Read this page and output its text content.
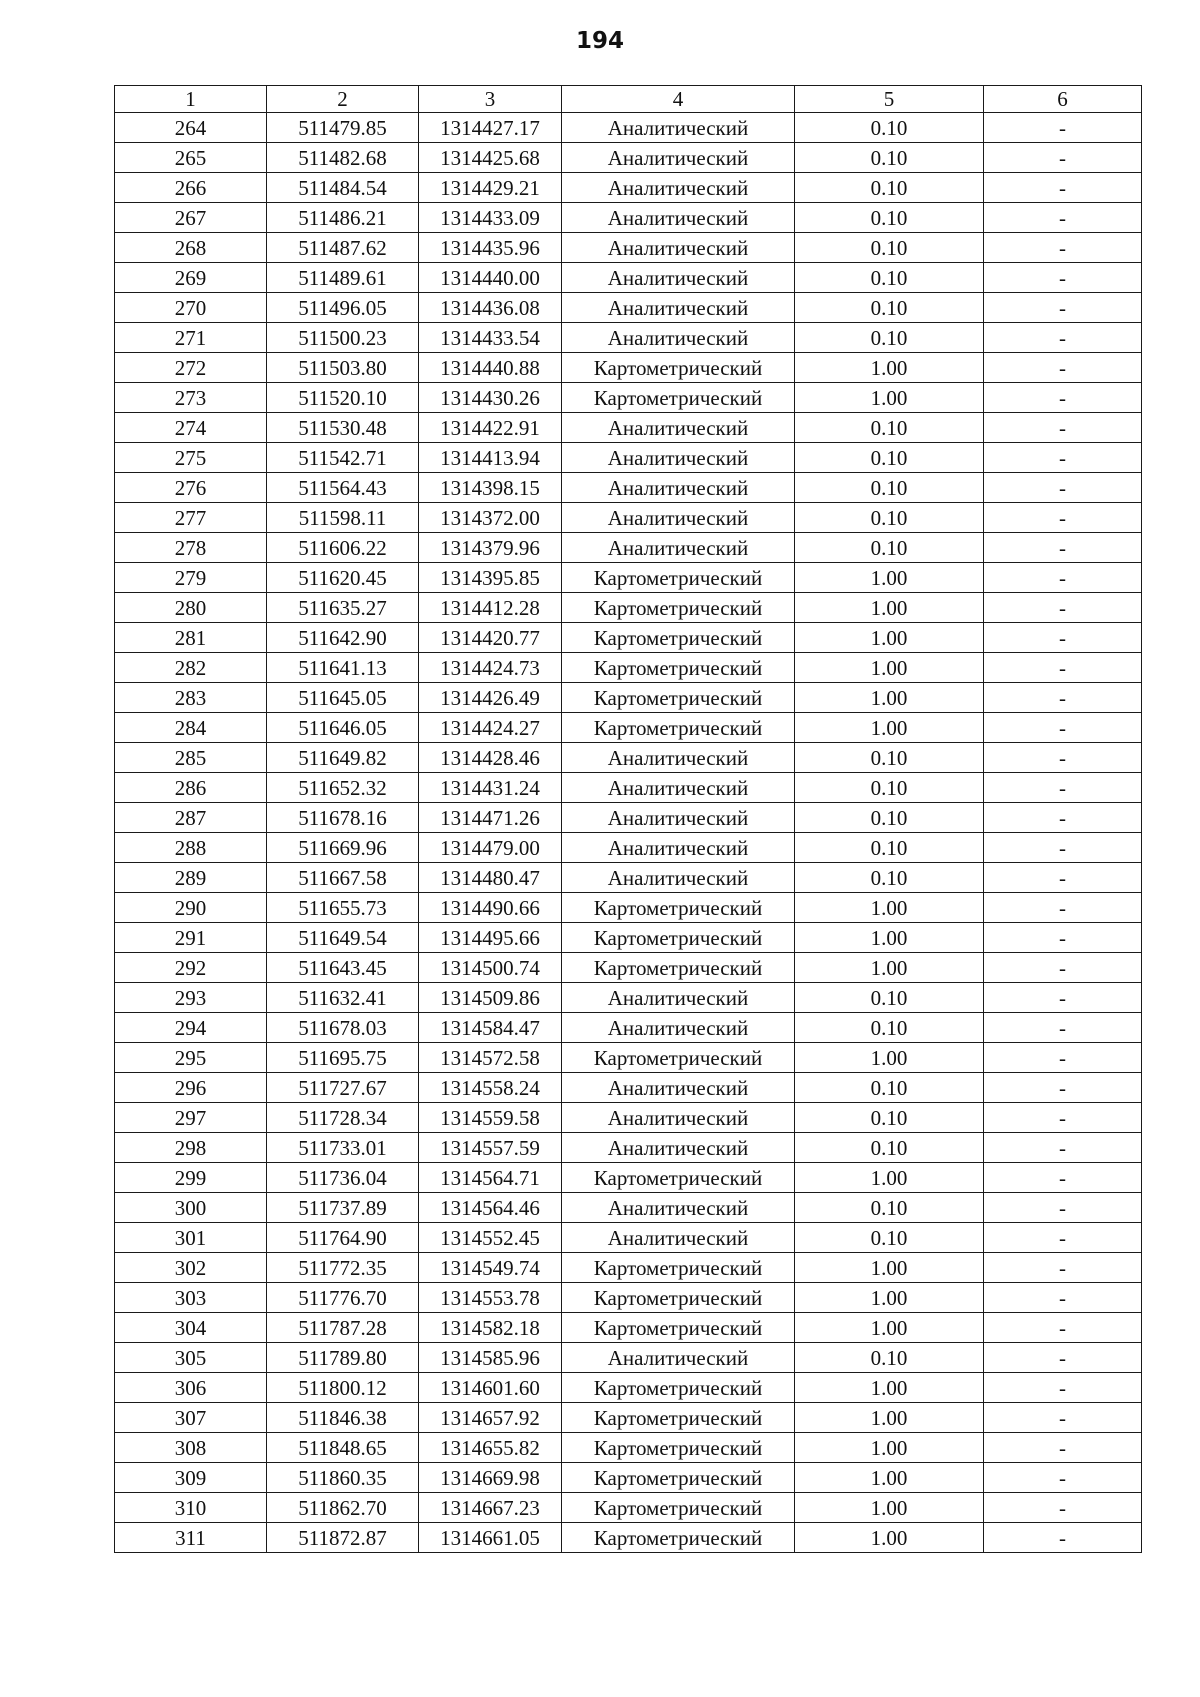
194
1	2	3	4	5	6
264	511479.85	1314427.17	Аналитический	0.10	-
265	511482.68	1314425.68	Аналитический	0.10	-
266	511484.54	1314429.21	Аналитический	0.10	-
267	511486.21	1314433.09	Аналитический	0.10	-
268	511487.62	1314435.96	Аналитический	0.10	-
269	511489.61	1314440.00	Аналитический	0.10	-
270	511496.05	1314436.08	Аналитический	0.10	-
271	511500.23	1314433.54	Аналитический	0.10	-
272	511503.80	1314440.88	Картометрический	1.00	-
273	511520.10	1314430.26	Картометрический	1.00	-
274	511530.48	1314422.91	Аналитический	0.10	-
275	511542.71	1314413.94	Аналитический	0.10	-
276	511564.43	1314398.15	Аналитический	0.10	-
277	511598.11	1314372.00	Аналитический	0.10	-
278	511606.22	1314379.96	Аналитический	0.10	-
279	511620.45	1314395.85	Картометрический	1.00	-
280	511635.27	1314412.28	Картометрический	1.00	-
281	511642.90	1314420.77	Картометрический	1.00	-
282	511641.13	1314424.73	Картометрический	1.00	-
283	511645.05	1314426.49	Картометрический	1.00	-
284	511646.05	1314424.27	Картометрический	1.00	-
285	511649.82	1314428.46	Аналитический	0.10	-
286	511652.32	1314431.24	Аналитический	0.10	-
287	511678.16	1314471.26	Аналитический	0.10	-
288	511669.96	1314479.00	Аналитический	0.10	-
289	511667.58	1314480.47	Аналитический	0.10	-
290	511655.73	1314490.66	Картометрический	1.00	-
291	511649.54	1314495.66	Картометрический	1.00	-
292	511643.45	1314500.74	Картометрический	1.00	-
293	511632.41	1314509.86	Аналитический	0.10	-
294	511678.03	1314584.47	Аналитический	0.10	-
295	511695.75	1314572.58	Картометрический	1.00	-
296	511727.67	1314558.24	Аналитический	0.10	-
297	511728.34	1314559.58	Аналитический	0.10	-
298	511733.01	1314557.59	Аналитический	0.10	-
299	511736.04	1314564.71	Картометрический	1.00	-
300	511737.89	1314564.46	Аналитический	0.10	-
301	511764.90	1314552.45	Аналитический	0.10	-
302	511772.35	1314549.74	Картометрический	1.00	-
303	511776.70	1314553.78	Картометрический	1.00	-
304	511787.28	1314582.18	Картометрический	1.00	-
305	511789.80	1314585.96	Аналитический	0.10	-
306	511800.12	1314601.60	Картометрический	1.00	-
307	511846.38	1314657.92	Картометрический	1.00	-
308	511848.65	1314655.82	Картометрический	1.00	-
309	511860.35	1314669.98	Картометрический	1.00	-
310	511862.70	1314667.23	Картометрический	1.00	-
311	511872.87	1314661.05	Картометрический	1.00	-
